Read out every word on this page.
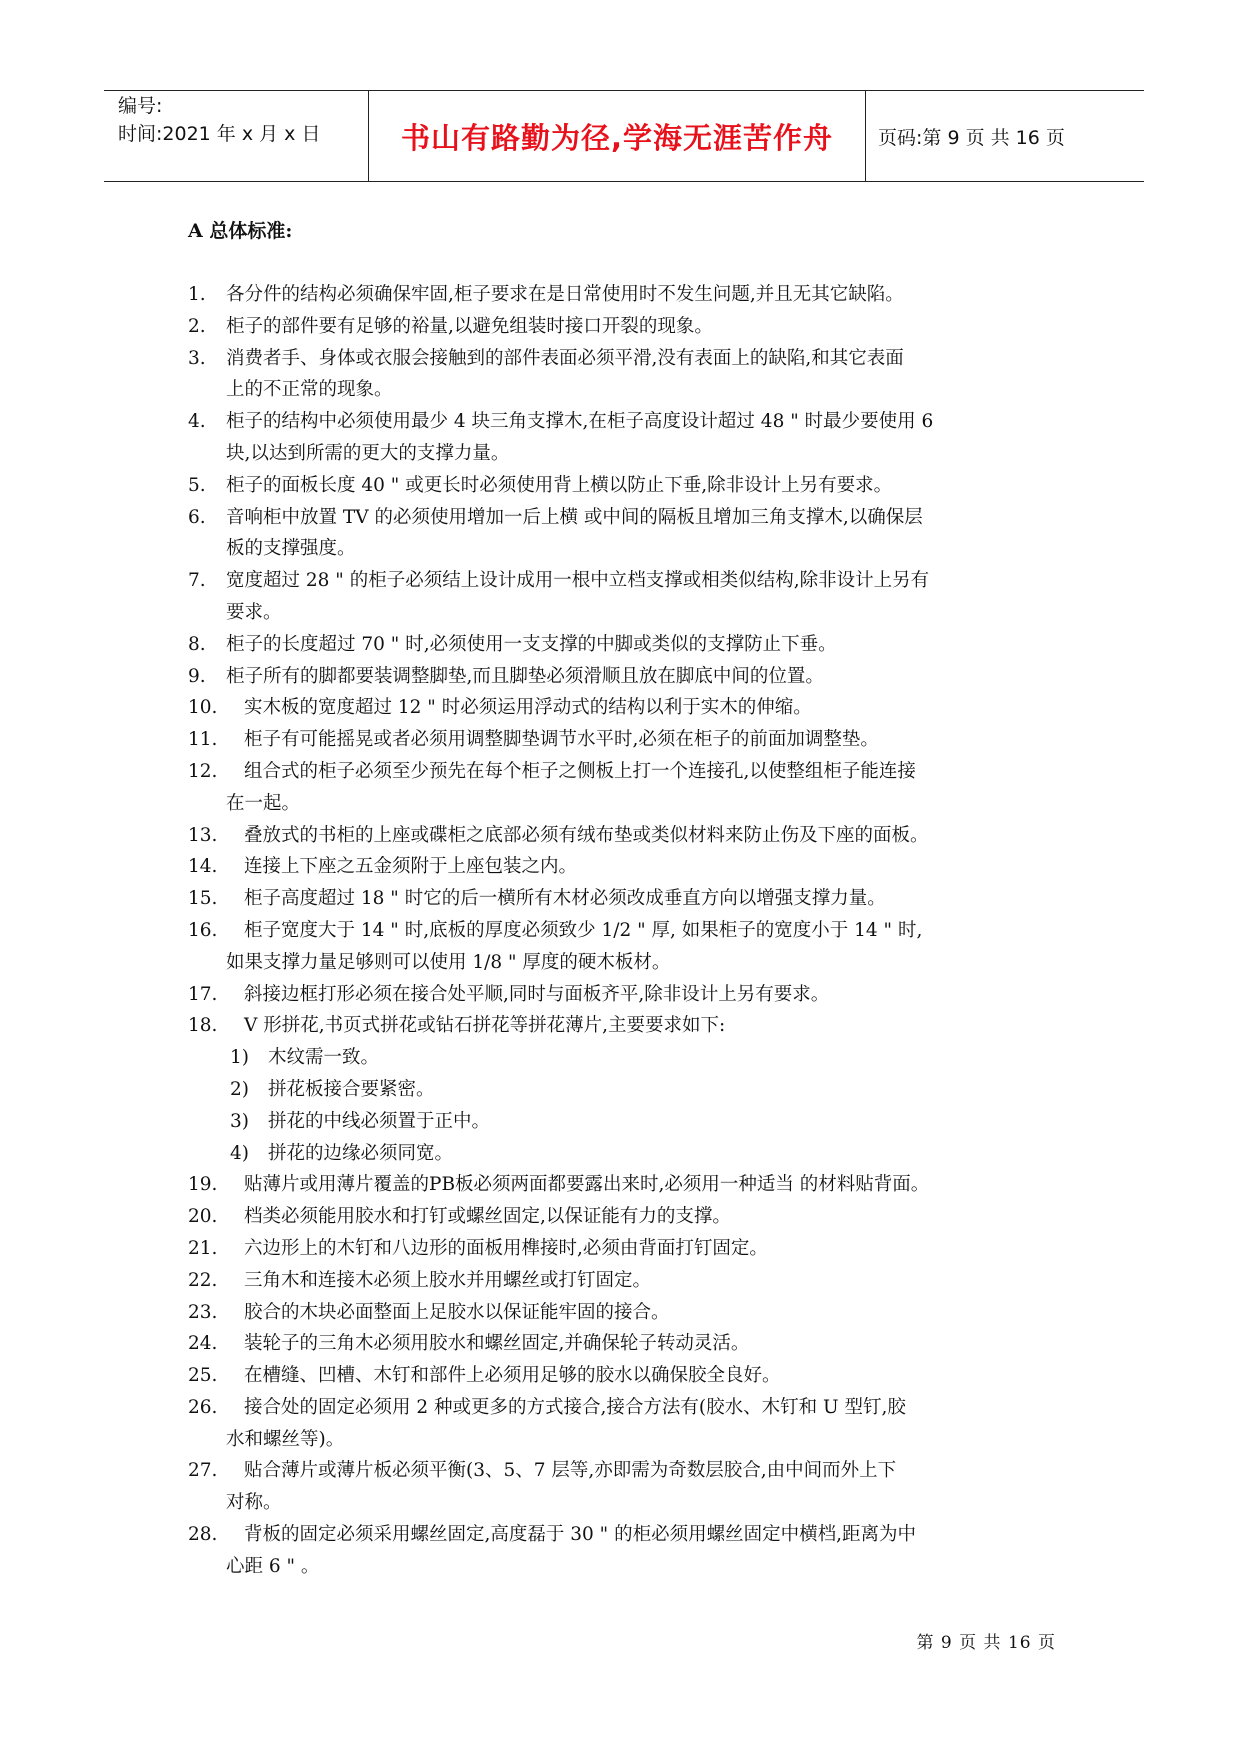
编号:
时间:2021 年 x 月 x 日	书山有路勤为径,学海无涯苦作舟 页码:第 9 页 共 16 页
A 总体标准:
1. 各分件的结构必须确保牢固,柜子要求在是日常使用时不发生问题,并且无其它缺陷。
2. 柜子的部件要有足够的裕量,以避免组装时接口开裂的现象。
3. 消费者手、身体或衣服会接触到的部件表面必须平滑,没有表面上的缺陷,和其它表面
上的不正常的现象。
4. 柜子的结构中必须使用最少 4 块三角支撑木,在柜子高度设计超过 48 " 时最少要使用 6
块,以达到所需的更大的支撑力量。
5. 柜子的面板长度 40 " 或更长时必须使用背上横以防止下垂,除非设计上另有要求。
6. 音响柜中放置 TV 的必须使用增加一后上横 或中间的隔板且增加三角支撑木,以确保层
板的支撑强度。
7. 宽度超过 28 " 的柜子必须结上设计成用一根中立档支撑或相类似结构,除非设计上另有
要求。
8. 柜子的长度超过 70 " 时,必须使用一支支撑的中脚或类似的支撑防止下垂。
9. 柜子所有的脚都要装调整脚垫,而且脚垫必须滑顺且放在脚底中间的位置。
10. 实木板的宽度超过 12 " 时必须运用浮动式的结构以利于实木的伸缩。
11. 柜子有可能摇晃或者必须用调整脚垫调节水平时,必须在柜子的前面加调整垫。
12. 组合式的柜子必须至少预先在每个柜子之侧板上打一个连接孔,以使整组柜子能连接
在一起。
13. 叠放式的书柜的上座或碟柜之底部必须有绒布垫或类似材料来防止伤及下座的面板。
14. 连接上下座之五金须附于上座包装之内。
15. 柜子高度超过 18 " 时它的后一横所有木材必须改成垂直方向以增强支撑力量。
16. 柜子宽度大于 14 " 时,底板的厚度必须致少 1/2 " 厚, 如果柜子的宽度小于 14 " 时,
如果支撑力量足够则可以使用 1/8 " 厚度的硬木板材。
17. 斜接边框打形必须在接合处平顺,同时与面板齐平,除非设计上另有要求。
18. V 形拼花,书页式拼花或钻石拼花等拼花薄片,主要要求如下:
1) 木纹需一致。
2) 拼花板接合要紧密。
3) 拼花的中线必须置于正中。
4) 拼花的边缘必须同宽。
19. 贴薄片或用薄片覆盖的PB板必须两面都要露出来时,必须用一种适当 的材料贴背面。
20. 档类必须能用胶水和打钉或螺丝固定,以保证能有力的支撑。
21. 六边形上的木钉和八边形的面板用榫接时,必须由背面打钉固定。
22. 三角木和连接木必须上胶水并用螺丝或打钉固定。
23. 胶合的木块必面整面上足胶水以保证能牢固的接合。
24. 装轮子的三角木必须用胶水和螺丝固定,并确保轮子转动灵活。
25. 在槽缝、凹槽、木钉和部件上必须用足够的胶水以确保胶全良好。
26. 接合处的固定必须用 2 种或更多的方式接合,接合方法有(胶水、木钉和 U 型钉,胶
水和螺丝等)。
27. 贴合薄片或薄片板必须平衡(3、5、7 层等,亦即需为奇数层胶合,由中间而外上下
对称。
28. 背板的固定必须采用螺丝固定,高度磊于 30 " 的柜必须用螺丝固定中横档,距离为中
心距 6 " 。
第 9 页 共 16 页
